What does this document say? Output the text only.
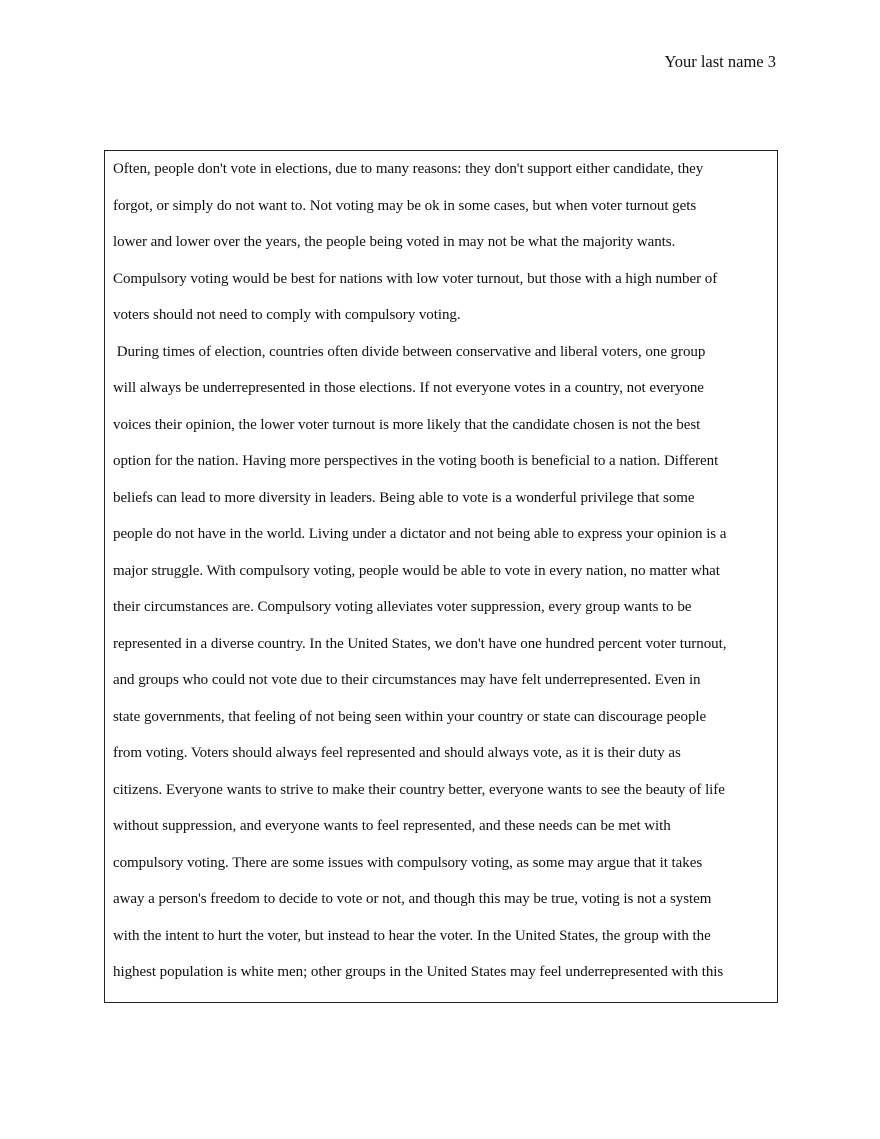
Your last name 3
Often, people don't vote in elections, due to many reasons: they don't support either candidate, they
forgot, or simply do not want to. Not voting may be ok in some cases, but when voter turnout gets
lower and lower over the years, the people being voted in may not be what the majority wants.
Compulsory voting would be best for nations with low voter turnout, but those with a high number of
voters should not need to comply with compulsory voting.
During times of election, countries often divide between conservative and liberal voters, one group
will always be underrepresented in those elections. If not everyone votes in a country, not everyone
voices their opinion, the lower voter turnout is more likely that the candidate chosen is not the best
option for the nation. Having more perspectives in the voting booth is beneficial to a nation. Different
beliefs can lead to more diversity in leaders. Being able to vote is a wonderful privilege that some
people do not have in the world. Living under a dictator and not being able to express your opinion is a
major struggle. With compulsory voting, people would be able to vote in every nation, no matter what
their circumstances are. Compulsory voting alleviates voter suppression, every group wants to be
represented in a diverse country. In the United States, we don't have one hundred percent voter turnout,
and groups who could not vote due to their circumstances may have felt underrepresented. Even in
state governments, that feeling of not being seen within your country or state can discourage people
from voting. Voters should always feel represented and should always vote, as it is their duty as
citizens. Everyone wants to strive to make their country better, everyone wants to see the beauty of life
without suppression, and everyone wants to feel represented, and these needs can be met with
compulsory voting. There are some issues with compulsory voting, as some may argue that it takes
away a person's freedom to decide to vote or not, and though this may be true, voting is not a system
with the intent to hurt the voter, but instead to hear the voter. In the United States, the group with the
highest population is white men; other groups in the United States may feel underrepresented with this
